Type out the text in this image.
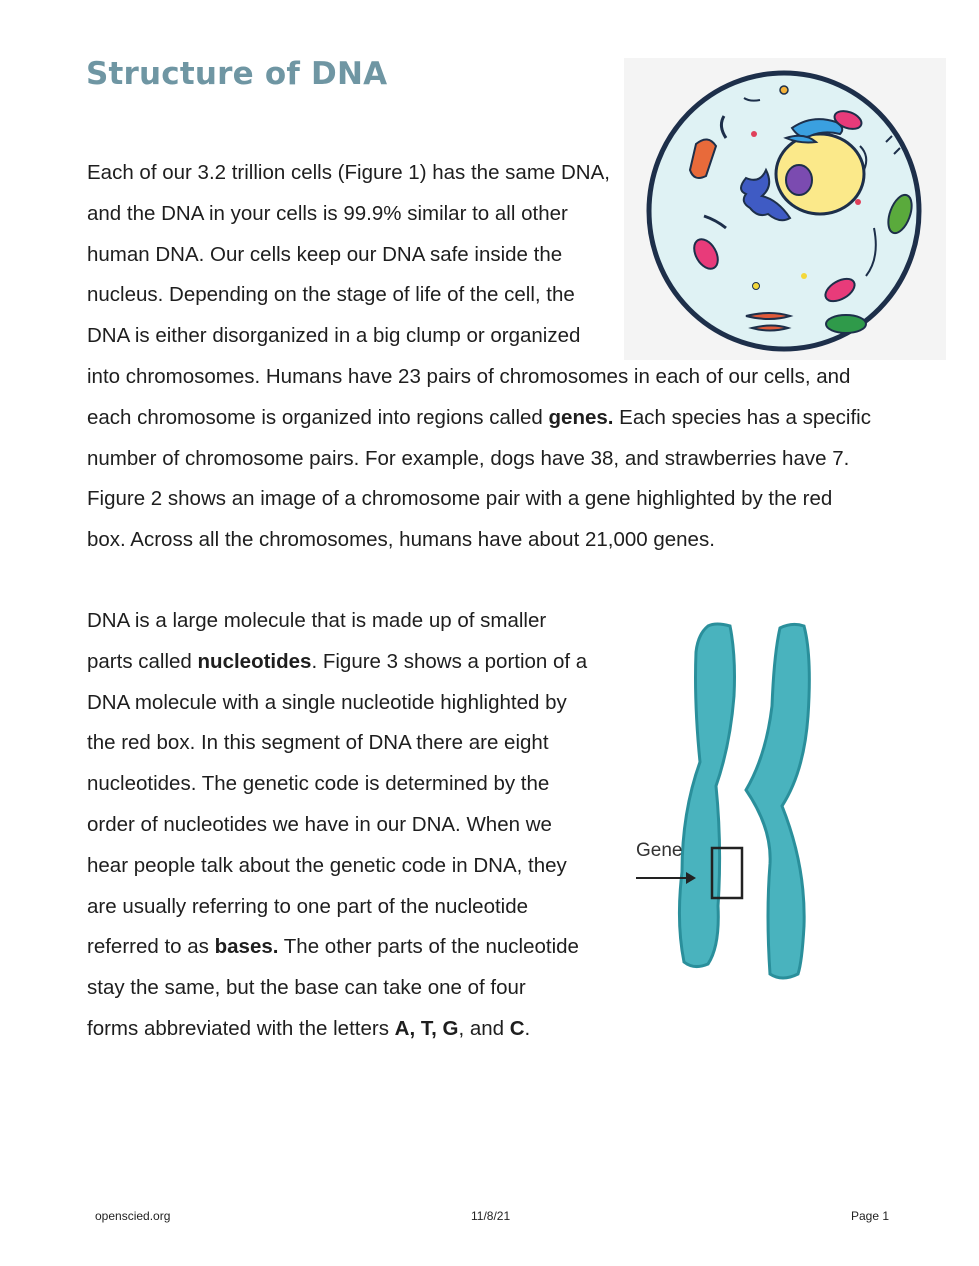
Structure of DNA
Each of our 3.2 trillion cells (Figure 1) has the same DNA,
and the DNA in your cells is 99.9% similar to all other
human DNA. Our cells keep our DNA safe inside the
nucleus. Depending on the stage of life of the cell, the
DNA is either disorganized in a big clump or organized
into chromosomes. Humans have 23 pairs of chromosomes in each of our cells, and
each chromosome is organized into regions called genes. Each species has a specific
number of chromosome pairs. For example, dogs have 38, and strawberries have 7.
Figure 2 shows an image of a chromosome pair with a gene highlighted by the red
box. Across all the chromosomes, humans have about 21,000 genes.
DNA is a large molecule that is made up of smaller
parts called nucleotides. Figure 3 shows a portion of a
DNA molecule with a single nucleotide highlighted by
the red box. In this segment of DNA there are eight
nucleotides. The genetic code is determined by the
order of nucleotides we have in our DNA. When we
hear people talk about the genetic code in DNA, they
are usually referring to one part of the nucleotide
referred to as bases. The other parts of the nucleotide
stay the same, but the base can take one of four
forms abbreviated with the letters A, T, G, and C.
Gene
openscied.org	11/8/21	Page 1
